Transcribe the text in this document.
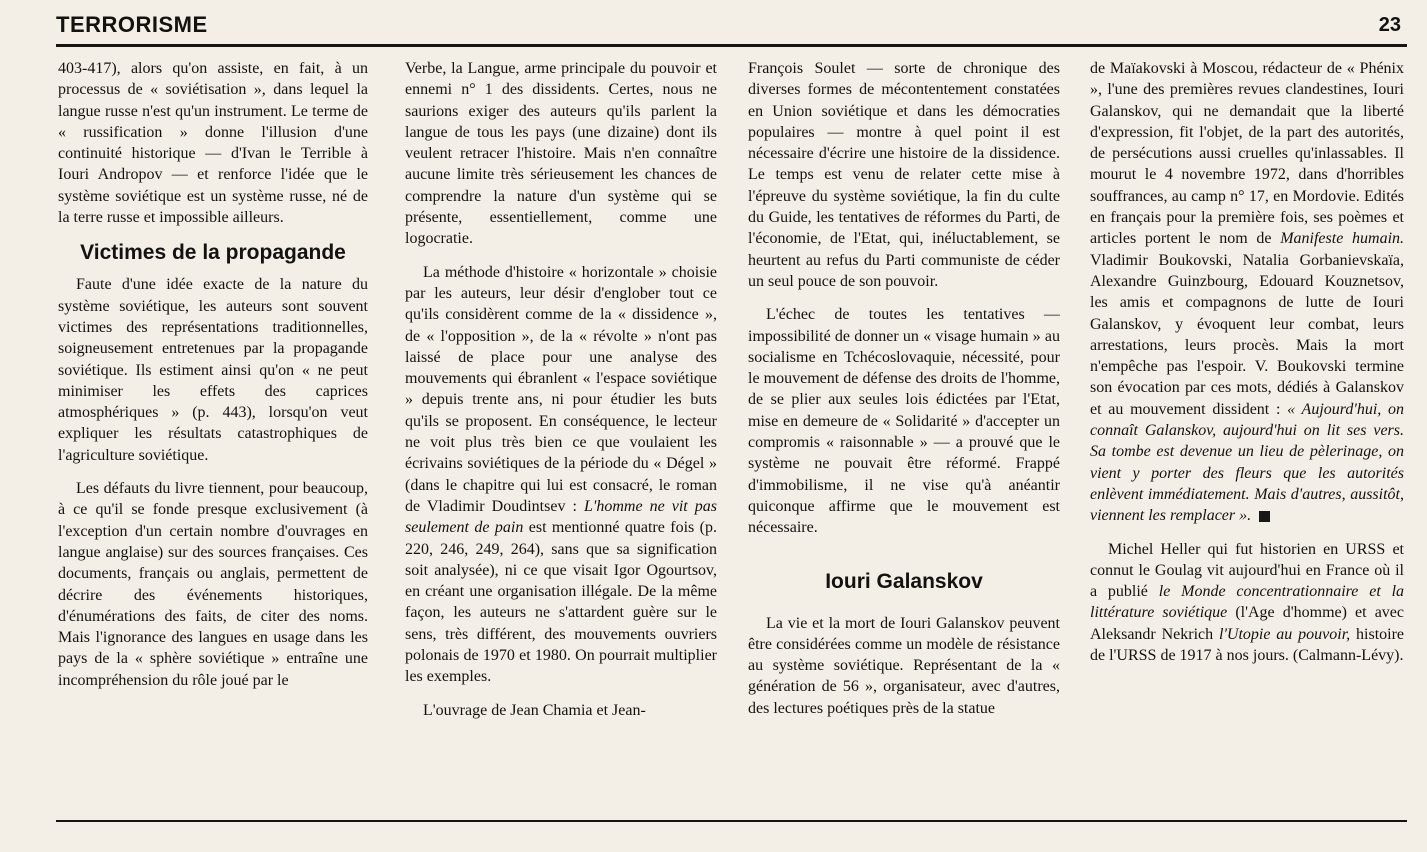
TERRORISME	23

403-417), alors qu'on assiste, en fait, à un processus de « soviétisation », dans lequel la langue russe n'est qu'un instrument. Le terme de « russification » donne l'illusion d'une continuité historique — d'Ivan le Terrible à Iouri Andropov — et renforce l'idée que le système soviétique est un système russe, né de la terre russe et impossible ailleurs.

Victimes de la propagande

Faute d'une idée exacte de la nature du système soviétique, les auteurs sont souvent victimes des représentations traditionnelles, soigneusement entretenues par la propagande soviétique. Ils estiment ainsi qu'on « ne peut minimiser les effets des caprices atmosphériques » (p. 443), lorsqu'on veut expliquer les résultats catastrophiques de l'agriculture soviétique.

Les défauts du livre tiennent, pour beaucoup, à ce qu'il se fonde presque exclusivement (à l'exception d'un certain nombre d'ouvrages en langue anglaise) sur des sources françaises. Ces documents, français ou anglais, permettent de décrire des événements historiques, d'énumérations des faits, de citer des noms. Mais l'ignorance des langues en usage dans les pays de la « sphère soviétique » entraîne une incompréhension du rôle joué par le

Verbe, la Langue, arme principale du pouvoir et ennemi n° 1 des dissidents. Certes, nous ne saurions exiger des auteurs qu'ils parlent la langue de tous les pays (une dizaine) dont ils veulent retracer l'histoire. Mais n'en connaître aucune limite très sérieusement les chances de comprendre la nature d'un système qui se présente, essentiellement, comme une logocratie.

La méthode d'histoire « horizontale » choisie par les auteurs, leur désir d'englober tout ce qu'ils considèrent comme de la « dissidence », de « l'opposition », de la « révolte » n'ont pas laissé de place pour une analyse des mouvements qui ébranlent « l'espace soviétique » depuis trente ans, ni pour étudier les buts qu'ils se proposent. En conséquence, le lecteur ne voit plus très bien ce que voulaient les écrivains soviétiques de la période du « Dégel » (dans le chapitre qui lui est consacré, le roman de Vladimir Doudintsev : L'homme ne vit pas seulement de pain est mentionné quatre fois (p. 220, 246, 249, 264), sans que sa signification soit analysée), ni ce que visait Igor Ogourtsov, en créant une organisation illégale. De la même façon, les auteurs ne s'attardent guère sur le sens, très différent, des mouvements ouvriers polonais de 1970 et 1980. On pourrait multiplier les exemples.

L'ouvrage de Jean Chamia et Jean-

François Soulet — sorte de chronique des diverses formes de mécontentement constatées en Union soviétique et dans les démocraties populaires — montre à quel point il est nécessaire d'écrire une histoire de la dissidence. Le temps est venu de relater cette mise à l'épreuve du système soviétique, la fin du culte du Guide, les tentatives de réformes du Parti, de l'économie, de l'Etat, qui, inéluctablement, se heurtent au refus du Parti communiste de céder un seul pouce de son pouvoir.

L'échec de toutes les tentatives — impossibilité de donner un « visage humain » au socialisme en Tchécoslovaquie, nécessité, pour le mouvement de défense des droits de l'homme, de se plier aux seules lois édictées par l'Etat, mise en demeure de « Solidarité » d'accepter un compromis « raisonnable » — a prouvé que le système ne pouvait être réformé. Frappé d'immobilisme, il ne vise qu'à anéantir quiconque affirme que le mouvement est nécessaire.

Iouri Galanskov

La vie et la mort de Iouri Galanskov peuvent être considérées comme un modèle de résistance au système soviétique. Représentant de la « génération de 56 », organisateur, avec d'autres, des lectures poétiques près de la statue

de Maïakovski à Moscou, rédacteur de « Phénix », l'une des premières revues clandestines, Iouri Galanskov, qui ne demandait que la liberté d'expression, fit l'objet, de la part des autorités, de persécutions aussi cruelles qu'inlassables. Il mourut le 4 novembre 1972, dans d'horribles souffrances, au camp n° 17, en Mordovie. Edités en français pour la première fois, ses poèmes et articles portent le nom de Manifeste humain. Vladimir Boukovski, Natalia Gorbanievskaïa, Alexandre Guinzbourg, Edouard Kouznetsov, les amis et compagnons de lutte de Iouri Galanskov, y évoquent leur combat, leurs arrestations, leurs procès. Mais la mort n'empêche pas l'espoir. V. Boukovski termine son évocation par ces mots, dédiés à Galanskov et au mouvement dissident : « Aujourd'hui, on connaît Galanskov, aujourd'hui on lit ses vers. Sa tombe est devenue un lieu de pèlerinage, on vient y porter des fleurs que les autorités enlèvent immédiatement. Mais d'autres, aussitôt, viennent les remplacer ».

Michel Heller qui fut historien en URSS et connut le Goulag vit aujourd'hui en France où il a publié le Monde concentrationnaire et la littérature soviétique (l'Age d'homme) et avec Aleksandr Nekrich l'Utopie au pouvoir, histoire de l'URSS de 1917 à nos jours. (Calmann-Lévy).
